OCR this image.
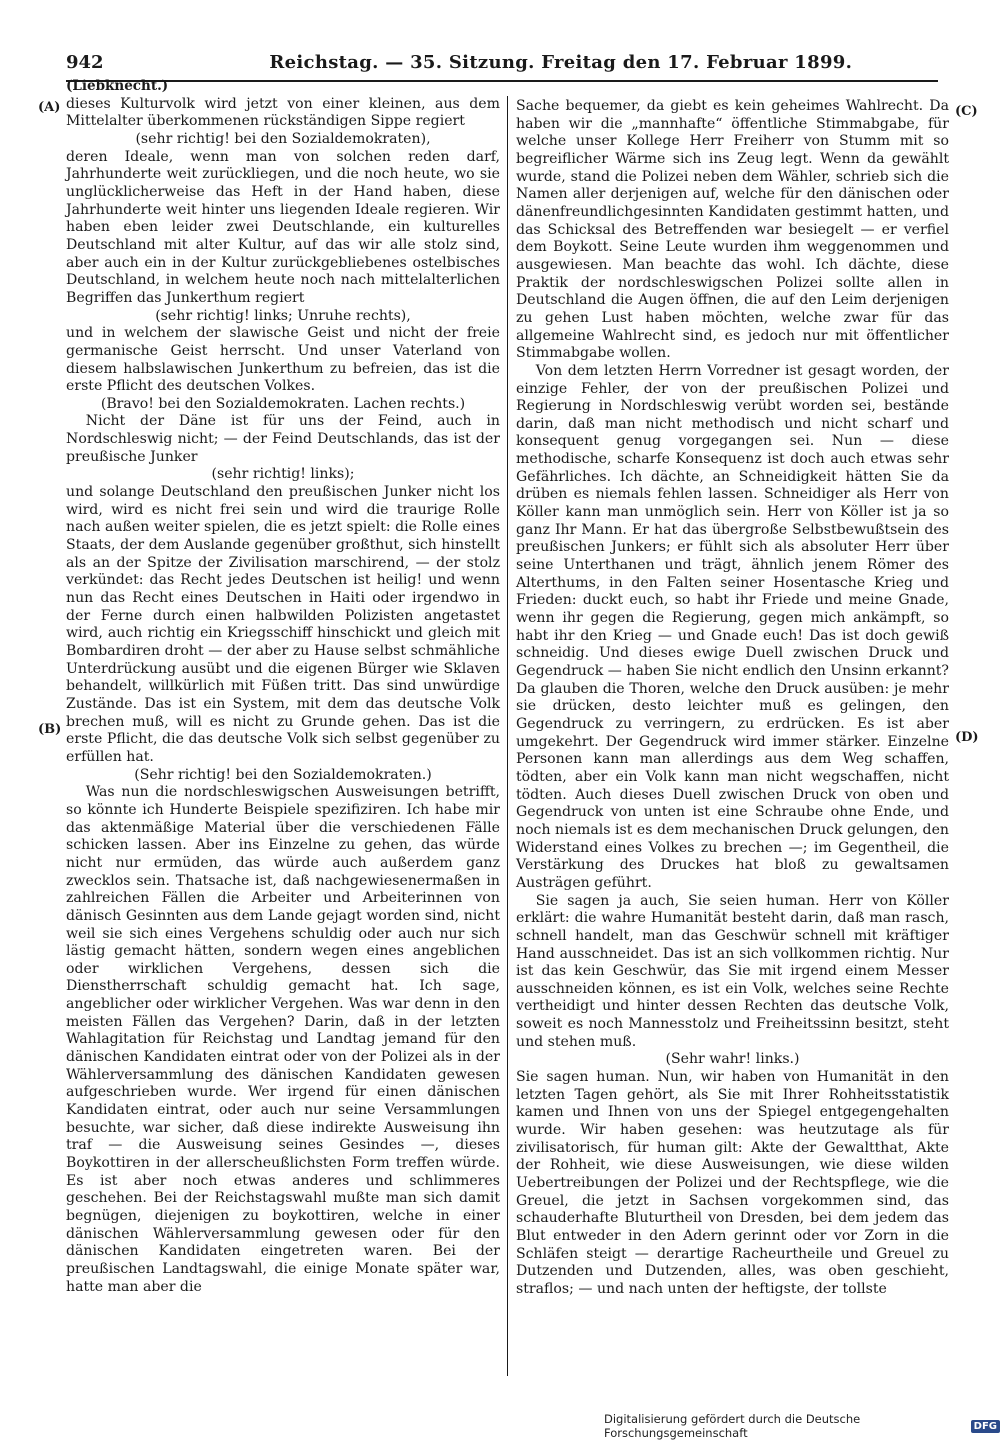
942	Reichstag. — 35. Sitzung. Freitag den 17. Februar 1899.
(A)
(B)
(C)
(D)

(Liebknecht.)

dieses Kulturvolk wird jetzt von einer kleinen, aus dem Mittelalter überkommenen rückständigen Sippe regiert

(sehr richtig! bei den Sozialdemokraten),

deren Ideale, wenn man von solchen reden darf, Jahrhunderte weit zurückliegen, und die noch heute, wo sie unglücklicherweise das Heft in der Hand haben, diese Jahrhunderte weit hinter uns liegenden Ideale regieren. Wir haben eben leider zwei Deutschlande, ein kulturelles Deutschland mit alter Kultur, auf das wir alle stolz sind, aber auch ein in der Kultur zurückgebliebenes ostelbisches Deutschland, in welchem heute noch nach mittelalterlichen Begriffen das Junkerthum regiert

(sehr richtig! links; Unruhe rechts),

und in welchem der slawische Geist und nicht der freie germanische Geist herrscht. Und unser Vaterland von diesem halbslawischen Junkerthum zu befreien, das ist die erste Pflicht des deutschen Volkes.

(Bravo! bei den Sozialdemokraten. Lachen rechts.)

Nicht der Däne ist für uns der Feind, auch in Nordschleswig nicht; — der Feind Deutschlands, das ist der preußische Junker

(sehr richtig! links);

und solange Deutschland den preußischen Junker nicht los wird, wird es nicht frei sein und wird die traurige Rolle nach außen weiter spielen, die es jetzt spielt: die Rolle eines Staats, der dem Auslande gegenüber großthut, sich hinstellt als an der Spitze der Zivilisation marschirend, — der stolz verkündet: das Recht jedes Deutschen ist heilig! und wenn nun das Recht eines Deutschen in Haiti oder irgendwo in der Ferne durch einen halbwilden Polizisten angetastet wird, auch richtig ein Kriegsschiff hinschickt und gleich mit Bombardiren droht — der aber zu Hause selbst schmähliche Unterdrückung ausübt und die eigenen Bürger wie Sklaven behandelt, willkürlich mit Füßen tritt. Das sind unwürdige Zustände. Das ist ein System, mit dem das deutsche Volk brechen muß, will es nicht zu Grunde gehen. Das ist die erste Pflicht, die das deutsche Volk sich selbst gegenüber zu erfüllen hat.

(Sehr richtig! bei den Sozialdemokraten.)

Was nun die nordschleswigschen Ausweisungen betrifft, so könnte ich Hunderte Beispiele spezifiziren. Ich habe mir das aktenmäßige Material über die verschiedenen Fälle schicken lassen. Aber ins Einzelne zu gehen, das würde nicht nur ermüden, das würde auch außerdem ganz zwecklos sein. Thatsache ist, daß nachgewiesenermaßen in zahlreichen Fällen die Arbeiter und Arbeiterinnen von dänisch Gesinnten aus dem Lande gejagt worden sind, nicht weil sie sich eines Vergehens schuldig oder auch nur sich lästig gemacht hätten, sondern wegen eines angeblichen oder wirklichen Vergehens, dessen sich die Dienstherrschaft schuldig gemacht hat. Ich sage, angeblicher oder wirklicher Vergehen. Was war denn in den meisten Fällen das Vergehen? Darin, daß in der letzten Wahlagitation für Reichstag und Landtag jemand für den dänischen Kandidaten eintrat oder von der Polizei als in der Wählerversammlung des dänischen Kandidaten gewesen aufgeschrieben wurde. Wer irgend für einen dänischen Kandidaten eintrat, oder auch nur seine Versammlungen besuchte, war sicher, daß diese indirekte Ausweisung ihn traf — die Ausweisung seines Gesindes —, dieses Boykottiren in der allerscheußlichsten Form treffen würde. Es ist aber noch etwas anderes und schlimmeres geschehen. Bei der Reichstagswahl mußte man sich damit begnügen, diejenigen zu boykottiren, welche in einer dänischen Wählerversammlung gewesen oder für den dänischen Kandidaten eingetreten waren. Bei der preußischen Landtagswahl, die einige Monate später war, hatte man aber die

Sache bequemer, da giebt es kein geheimes Wahlrecht. Da haben wir die „mannhafte“ öffentliche Stimmabgabe, für welche unser Kollege Herr Freiherr von Stumm mit so begreiflicher Wärme sich ins Zeug legt. Wenn da gewählt wurde, stand die Polizei neben dem Wähler, schrieb sich die Namen aller derjenigen auf, welche für den dänischen oder dänenfreundlichgesinnten Kandidaten gestimmt hatten, und das Schicksal des Betreffenden war besiegelt — er verfiel dem Boykott. Seine Leute wurden ihm weggenommen und ausgewiesen. Man beachte das wohl. Ich dächte, diese Praktik der nordschleswigschen Polizei sollte allen in Deutschland die Augen öffnen, die auf den Leim derjenigen zu gehen Lust haben möchten, welche zwar für das allgemeine Wahlrecht sind, es jedoch nur mit öffentlicher Stimmabgabe wollen.

Von dem letzten Herrn Vorredner ist gesagt worden, der einzige Fehler, der von der preußischen Polizei und Regierung in Nordschleswig verübt worden sei, bestände darin, daß man nicht methodisch und nicht scharf und konsequent genug vorgegangen sei. Nun — diese methodische, scharfe Konsequenz ist doch auch etwas sehr Gefährliches. Ich dächte, an Schneidigkeit hätten Sie da drüben es niemals fehlen lassen. Schneidiger als Herr von Köller kann man unmöglich sein. Herr von Köller ist ja so ganz Ihr Mann. Er hat das übergroße Selbstbewußtsein des preußischen Junkers; er fühlt sich als absoluter Herr über seine Unterthanen und trägt, ähnlich jenem Römer des Alterthums, in den Falten seiner Hosentasche Krieg und Frieden: duckt euch, so habt ihr Friede und meine Gnade, wenn ihr gegen die Regierung, gegen mich ankämpft, so habt ihr den Krieg — und Gnade euch! Das ist doch gewiß schneidig. Und dieses ewige Duell zwischen Druck und Gegendruck — haben Sie nicht endlich den Unsinn erkannt? Da glauben die Thoren, welche den Druck ausüben: je mehr sie drücken, desto leichter muß es gelingen, den Gegendruck zu verringern, zu erdrücken. Es ist aber umgekehrt. Der Gegendruck wird immer stärker. Einzelne Personen kann man allerdings aus dem Weg schaffen, tödten, aber ein Volk kann man nicht wegschaffen, nicht tödten. Auch dieses Duell zwischen Druck von oben und Gegendruck von unten ist eine Schraube ohne Ende, und noch niemals ist es dem mechanischen Druck gelungen, den Widerstand eines Volkes zu brechen —; im Gegentheil, die Verstärkung des Druckes hat bloß zu gewaltsamen Austrägen geführt.

Sie sagen ja auch, Sie seien human. Herr von Köller erklärt: die wahre Humanität besteht darin, daß man rasch, schnell handelt, man das Geschwür schnell mit kräftiger Hand ausschneidet. Das ist an sich vollkommen richtig. Nur ist das kein Geschwür, das Sie mit irgend einem Messer ausschneiden können, es ist ein Volk, welches seine Rechte vertheidigt und hinter dessen Rechten das deutsche Volk, soweit es noch Mannesstolz und Freiheitssinn besitzt, steht und stehen muß.

(Sehr wahr! links.)

Sie sagen human. Nun, wir haben von Humanität in den letzten Tagen gehört, als Sie mit Ihrer Rohheitsstatistik kamen und Ihnen von uns der Spiegel entgegengehalten wurde. Wir haben gesehen: was heutzutage als für zivilisatorisch, für human gilt: Akte der Gewaltthat, Akte der Rohheit, wie diese Ausweisungen, wie diese wilden Uebertreibungen der Polizei und der Rechtspflege, wie die Greuel, die jetzt in Sachsen vorgekommen sind, das schauderhafte Bluturtheil von Dresden, bei dem jedem das Blut entweder in den Adern gerinnt oder vor Zorn in die Schläfen steigt — derartige Racheurtheile und Greuel zu Dutzenden und Dutzenden, alles, was oben geschieht, straflos; — und nach unten der heftigste, der tollste

Digitalisierung gefördert durch die Deutsche Forschungsgemeinschaft	DFG
